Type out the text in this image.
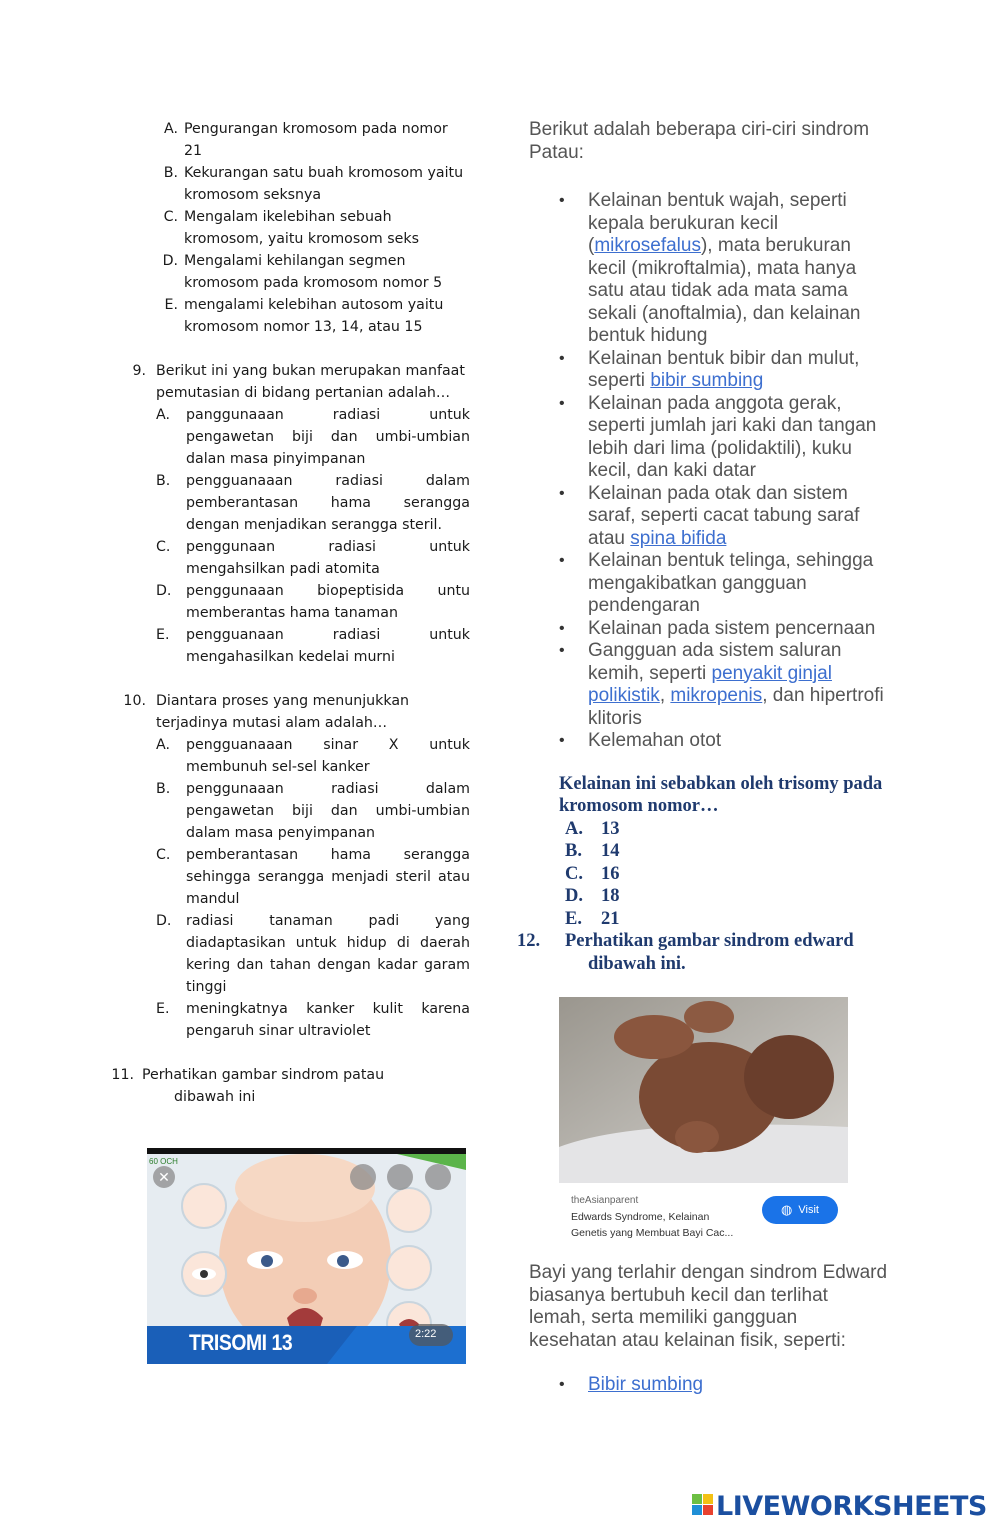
A. Pengurangan kromosom pada nomor 21
B. Kekurangan satu buah kromosom yaitu kromosom seksnya
C. Mengalam ikelebihan sebuah kromosom, yaitu kromosom seks
D. Mengalami kehilangan segmen kromosom pada kromosom nomor 5
E. mengalami kelebihan autosom yaitu kromosom nomor 13, 14, atau 15
9. Berikut ini yang bukan merupakan manfaat pemutasian di bidang pertanian adalah…
A.	panggunaaan radiasi untuk pengawetan biji dan umbi-umbian dalan masa pinyimpanan
B.	pengguanaaan radiasi dalam pemberantasan hama serangga dengan menjadikan serangga steril.
C.	penggunaan radiasi untuk mengahsilkan padi atomita
D.	penggunaaan biopeptisida untu memberantas hama tanaman
E.	pengguanaan radiasi untuk mengahasilkan kedelai murni
10. Diantara proses yang menunjukkan terjadinya mutasi alam adalah…
A.	pengguanaaan sinar X untuk membunuh sel-sel kanker
B.	penggunaaan radiasi dalam pengawetan biji dan umbi-umbian dalam masa penyimpanan
C.	pemberantasan hama serangga sehingga serangga menjadi steril atau mandul
D.	radiasi tanaman padi yang diadaptasikan untuk hidup di daerah kering dan tahan dengan kadar garam tinggi
E.	meningkatnya kanker kulit karena pengaruh sinar ultraviolet
11. Perhatikan gambar sindrom patau
dibawah ini
✕
60 OCH
TRISOMI 13	2:22

Berikut adalah beberapa ciri-ciri sindrom Patau:

• Kelainan bentuk wajah, seperti kepala berukuran kecil (mikrosefalus), mata berukuran kecil (mikroftalmia), mata hanya satu atau tidak ada mata sama sekali (anoftalmia), dan kelainan bentuk hidung
• Kelainan bentuk bibir dan mulut, seperti bibir sumbing
• Kelainan pada anggota gerak, seperti jumlah jari kaki dan tangan lebih dari lima (polidaktili), kuku kecil, dan kaki datar
• Kelainan pada otak dan sistem saraf, seperti cacat tabung saraf atau spina bifida
• Kelainan bentuk telinga, sehingga mengakibatkan gangguan pendengaran
• Kelainan pada sistem pencernaan
• Gangguan ada sistem saluran kemih, seperti penyakit ginjal polikistik, mikropenis, dan hipertrofi klitoris
• Kelemahan otot
Kelainan ini sebabkan oleh trisomy pada kromosom nomor…
A. 13
B.	14
C. 16
D. 18
E.	21
12.	Perhatikan gambar sindrom edward
dibawah ini.
theAsianparent
Edwards Syndrome, Kelainan
Genetis yang Membuat Bayi Cac...
◍ Visit

Bayi yang terlahir dengan sindrom Edward biasanya bertubuh kecil dan terlihat lemah, serta memiliki gangguan kesehatan atau kelainan fisik, seperti:

• Bibir sumbing
LIVEWORKSHEETS
